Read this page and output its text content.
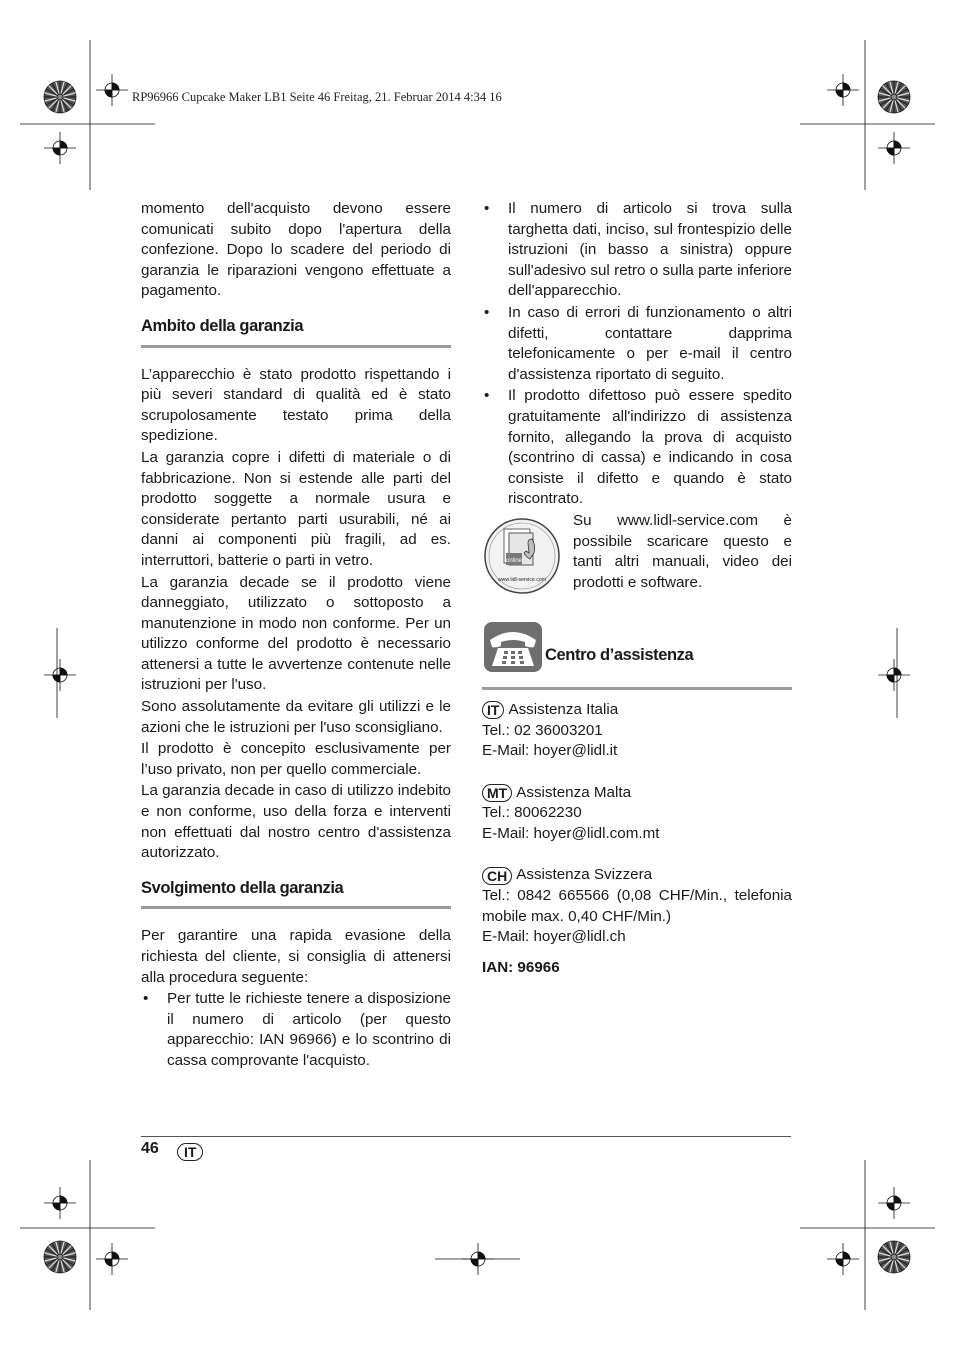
RP96966 Cupcake Maker LB1 Seite 46 Freitag, 21. Februar 2014 4:34 16

momento dell'acquisto devono essere comunicati subito dopo l'apertura della confezione. Dopo lo scadere del periodo di garanzia le riparazioni vengono effettuate a pagamento.

Ambito della garanzia

L’apparecchio è stato prodotto rispettando i più severi standard di qualità ed è stato scrupolosamente testato prima della spedizione.

La garanzia copre i difetti di materiale o di fabbricazione. Non si estende alle parti del prodotto soggette a normale usura e considerate pertanto parti usurabili, né ai danni ai componenti più fragili, ad es. interruttori, batterie o parti in vetro.

La garanzia decade se il prodotto viene danneggiato, utilizzato o sottoposto a manutenzione in modo non conforme. Per un utilizzo conforme del prodotto è necessario attenersi a tutte le avvertenze contenute nelle istruzioni per l'uso.

Sono assolutamente da evitare gli utilizzi e le azioni che le istruzioni per l'uso sconsigliano.

Il prodotto è concepito esclusivamente per l’uso privato, non per quello commerciale.

La garanzia decade in caso di utilizzo indebito e non conforme, uso della forza e interventi non effettuati dal nostro centro d'assistenza autorizzato.

Svolgimento della garanzia

Per garantire una rapida evasione della richiesta del cliente, si consiglia di attenersi alla procedura seguente:

• Per tutte le richieste tenere a disposizione il numero di articolo (per questo apparecchio: IAN 96966) e lo scontrino di cassa comprovante l'acquisto.
• Il numero di articolo si trova sulla targhetta dati, inciso, sul frontespizio delle istruzioni (in basso a sinistra) oppure sull'adesivo sul retro o sulla parte inferiore dell'apparecchio.
• In caso di errori di funzionamento o altri difetti, contattare dapprima telefonicamente o per e-mail il centro d'assistenza riportato di seguito.
• Il prodotto difettoso può essere spedito gratuitamente all'indirizzo di assistenza fornito, allegando la prova di acquisto (scontrino di cassa) e indicando in cosa consiste il difetto e quando è stato riscontrato.
online
www.lidl-service.com
Su www.lidl-service.com è possibile scaricare questo e tanti altri manuali, video dei prodotti e software.
Centro d’assistenza
IT Assistenza Italia
Tel.: 02 36003201
E-Mail: hoyer@lidl.it
MT Assistenza Malta
Tel.: 80062230
E-Mail: hoyer@lidl.com.mt
CH Assistenza Svizzera
Tel.: 0842 665566 (0,08 CHF/Min., telefonia mobile max. 0,40 CHF/Min.)
E-Mail: hoyer@lidl.ch
IAN: 96966
46	IT
